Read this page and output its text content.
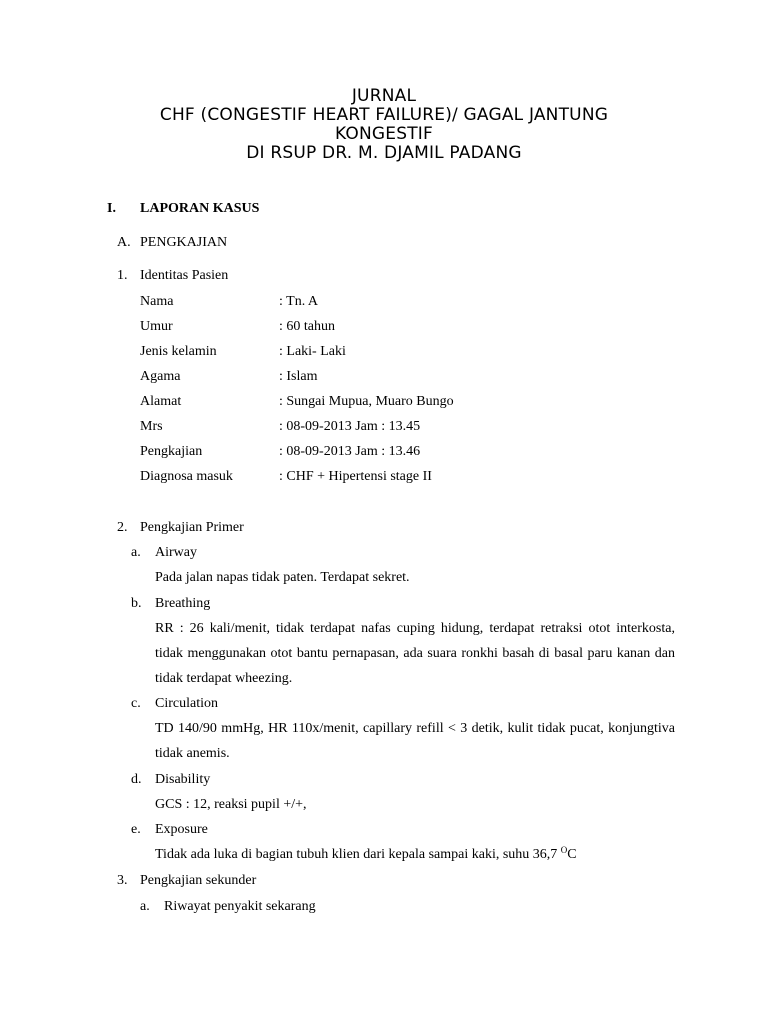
JURNAL
CHF (CONGESTIF HEART FAILURE)/ GAGAL JANTUNG
KONGESTIF
DI RSUP DR. M. DJAMIL PADANG
I. LAPORAN KASUS
A. PENGKAJIAN
1. Identitas Pasien
Nama	: Tn. A
Umur	: 60 tahun
Jenis kelamin	: Laki- Laki
Agama	: Islam
Alamat	: Sungai Mupua, Muaro Bungo
Mrs	: 08-09-2013 Jam : 13.45
Pengkajian	: 08-09-2013 Jam : 13.46
Diagnosa masuk	: CHF + Hipertensi stage II
2. Pengkajian Primer
a. Airway
Pada jalan napas tidak paten. Terdapat sekret.
b. Breathing
RR : 26 kali/menit, tidak terdapat nafas cuping hidung, terdapat retraksi otot interkosta, tidak menggunakan otot bantu pernapasan, ada suara ronkhi basah di basal paru kanan dan tidak terdapat wheezing.
c. Circulation
TD 140/90 mmHg, HR 110x/menit, capillary refill < 3 detik, kulit tidak pucat, konjungtiva tidak anemis.
d. Disability
GCS : 12, reaksi pupil +/+,
e. Exposure
Tidak ada luka di bagian tubuh klien dari kepala sampai kaki, suhu 36,7 $^O$C
3. Pengkajian sekunder
a. Riwayat penyakit sekarang
